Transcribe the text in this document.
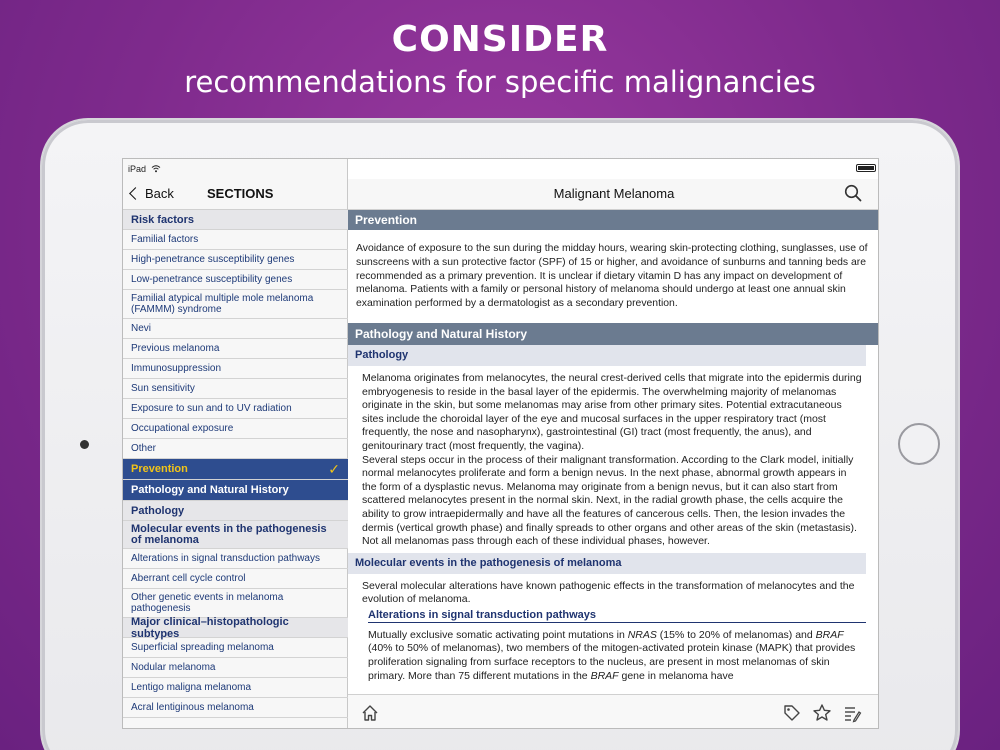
CONSIDER
recommendations for specific malignancies
Back	SECTIONS
Risk factors
Familial factors
High-penetrance susceptibility genes
Low-penetrance susceptibility genes
Familial atypical multiple mole melanoma (FAMMM) syndrome
Nevi
Previous melanoma
Immunosuppression
Sun sensitivity
Exposure to sun and to UV radiation
Occupational exposure
Other
Prevention	✓
Pathology and Natural History
Pathology
Molecular events in the pathogenesis of melanoma
Alterations in signal transduction pathways
Aberrant cell cycle control
Other genetic events in melanoma pathogenesis
Major clinical–histopathologic subtypes
Superficial spreading melanoma
Nodular melanoma
Lentigo maligna melanoma
Acral lentiginous melanoma
Malignant Melanoma
Prevention
Avoidance of exposure to the sun during the midday hours, wearing skin-protecting clothing, sunglasses, use of sunscreens with a sun protective factor (SPF) of 15 or higher, and avoidance of sunburns and tanning beds are recommended as a primary prevention. It is unclear if dietary vitamin D has any impact on development of melanoma. Patients with a family or personal history of melanoma should undergo at least one annual skin examination performed by a dermatologist as a secondary prevention.
Pathology and Natural History
Pathology
Melanoma originates from melanocytes, the neural crest-derived cells that migrate into the epidermis during embryogenesis to reside in the basal layer of the epidermis. The overwhelming majority of melanomas originate in the skin, but some melanomas may arise from other primary sites. Potential extracutaneous sites include the choroidal layer of the eye and mucosal surfaces in the upper respiratory tract (most frequently, the nose and nasopharynx), gastrointestinal (GI) tract (most frequently, the anus), and genitourinary tract (most frequently, the vagina).
Several steps occur in the process of their malignant transformation. According to the Clark model, initially normal melanocytes proliferate and form a benign nevus. In the next phase, abnormal growth appears in the form of a dysplastic nevus. Melanoma may originate from a benign nevus, but it can also start from scattered melanocytes present in the normal skin. Next, in the radial growth phase, the cells acquire the ability to grow intraepidermally and have all the features of cancerous cells. Then, the lesion invades the dermis (vertical growth phase) and finally spreads to other organs and other areas of the skin (metastasis). Not all melanomas pass through each of these individual phases, however.
Molecular events in the pathogenesis of melanoma
Several molecular alterations have known pathogenic effects in the transformation of melanocytes and the evolution of melanoma.
Alterations in signal transduction pathways
Mutually exclusive somatic activating point mutations in NRAS (15% to 20% of melanomas) and BRAF (40% to 50% of melanomas), two members of the mitogen-activated protein kinase (MAPK) that provides proliferation signaling from surface receptors to the nucleus, are present in most melanomas of skin primary. More than 75 different mutations in the BRAF gene in melanoma have
iPad
